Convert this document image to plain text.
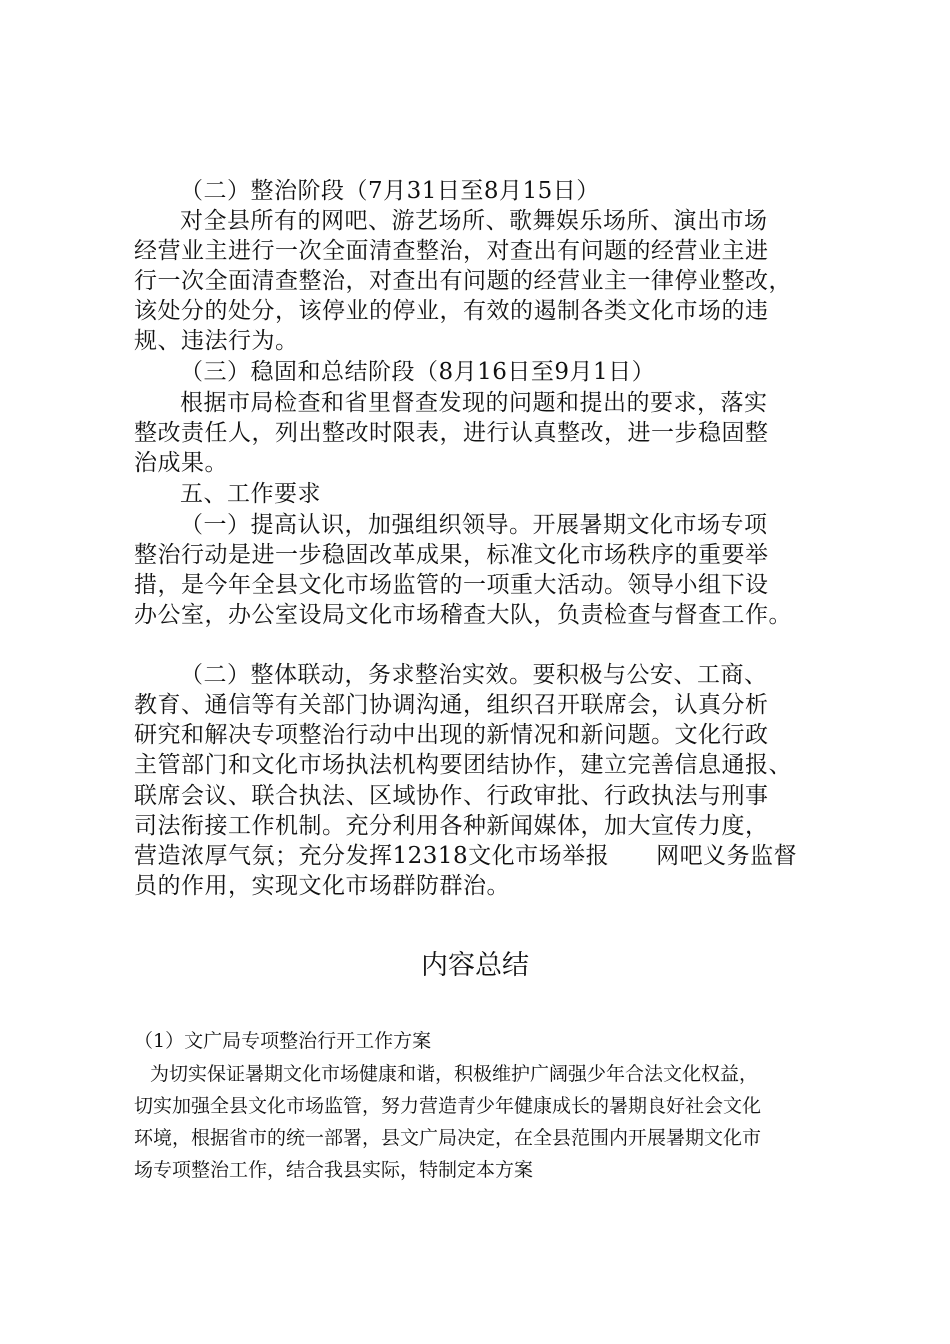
（二）整治阶段（7月31日至8月15日）
对全县所有的网吧、游艺场所、歌舞娱乐场所、演出市场
经营业主进行一次全面清查整治，对查出有问题的经营业主进
行一次全面清查整治，对查出有问题的经营业主一律停业整改，
该处分的处分，该停业的停业，有效的遏制各类文化市场的违
规、违法行为。
（三）稳固和总结阶段（8月16日至9月1日）
根据市局检查和省里督查发现的问题和提出的要求，落实
整改责任人，列出整改时限表，进行认真整改，进一步稳固整
治成果。
五、工作要求
（一）提高认识，加强组织领导。开展暑期文化市场专项
整治行动是进一步稳固改革成果，标准文化市场秩序的重要举
措，是今年全县文化市场监管的一项重大活动。领导小组下设
办公室，办公室设局文化市场稽查大队，负责检查与督查工作。
（二）整体联动，务求整治实效。要积极与公安、工商、
教育、通信等有关部门协调沟通，组织召开联席会，认真分析
研究和解决专项整治行动中出现的新情况和新问题。文化行政
主管部门和文化市场执法机构要团结协作，建立完善信息通报、
联席会议、联合执法、区域协作、行政审批、行政执法与刑事
司法衔接工作机制。充分利用各种新闻媒体，加大宣传力度，
营造浓厚气氛；充分发挥12318文化市场举报　　网吧义务监督
员的作用，实现文化市场群防群治。
内容总结
（1）文广局专项整治行开工作方案
为切实保证暑期文化市场健康和谐，积极维护广阔强少年合法文化权益，
切实加强全县文化市场监管，努力营造青少年健康成长的暑期良好社会文化
环境，根据省市的统一部署，县文广局决定，在全县范围内开展暑期文化市
场专项整治工作，结合我县实际，特制定本方案
